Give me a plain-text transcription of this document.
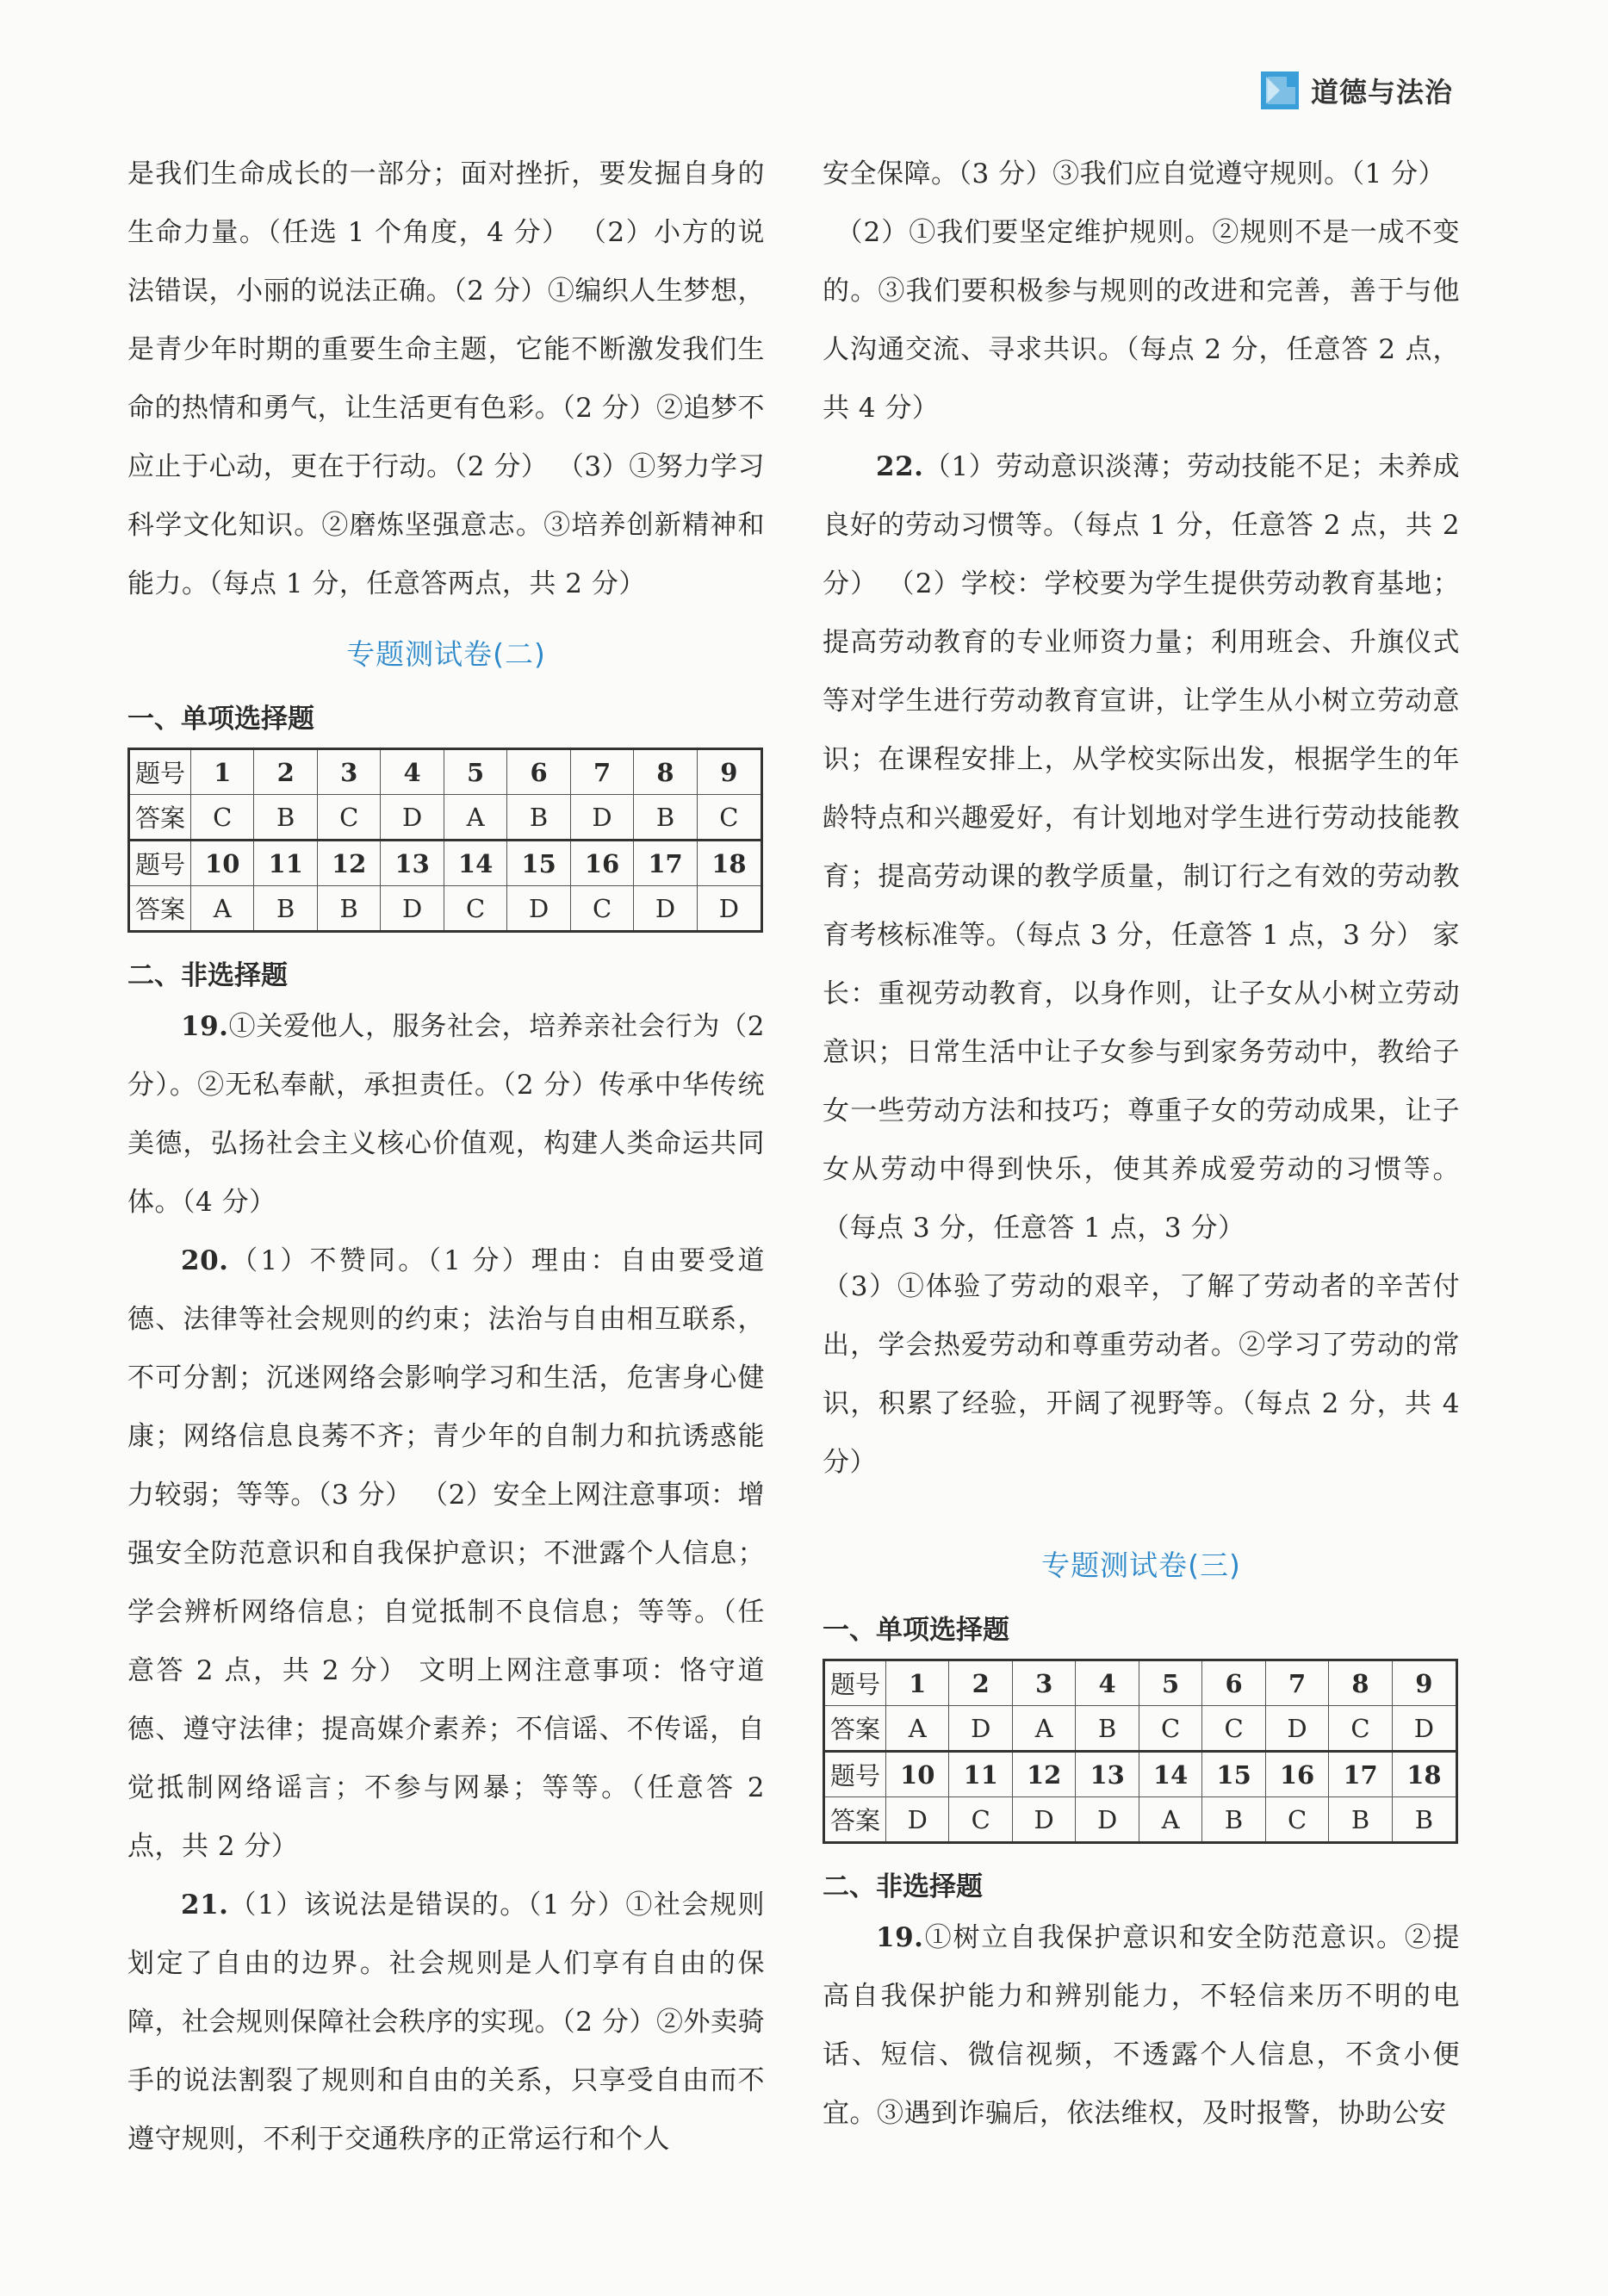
道德与法治

是我们生命成长的一部分；面对挫折，要发掘自身的生命力量。（任选 1 个角度，4 分） （2）小方的说法错误，小丽的说法正确。（2 分）①编织人生梦想，是青少年时期的重要生命主题，它能不断激发我们生命的热情和勇气，让生活更有色彩。（2 分）②追梦不应止于心动，更在于行动。（2 分） （3）①努力学习科学文化知识。②磨炼坚强意志。③培养创新精神和能力。（每点 1 分，任意答两点，共 2 分）

专题测试卷(二)

一、单项选择题

题号	1	2	3	4	5	6	7	8	9
答案	C	B	C	D	A	B	D	B	C
题号	10	11	12	13	14	15	16	17	18
答案	A	B	B	D	C	D	C	D	D

二、非选择题

19.①关爱他人，服务社会，培养亲社会行为（2 分）。②无私奉献，承担责任。（2 分）传承中华传统美德，弘扬社会主义核心价值观，构建人类命运共同体。（4 分）

20.（1）不赞同。（1 分）理由：自由要受道德、法律等社会规则的约束；法治与自由相互联系，不可分割；沉迷网络会影响学习和生活，危害身心健康；网络信息良莠不齐；青少年的自制力和抗诱惑能力较弱；等等。（3 分） （2）安全上网注意事项：增强安全防范意识和自我保护意识；不泄露个人信息；学会辨析网络信息；自觉抵制不良信息；等等。（任意答 2 点，共 2 分） 文明上网注意事项：恪守道德、遵守法律；提高媒介素养；不信谣、不传谣，自觉抵制网络谣言；不参与网暴；等等。（任意答 2 点，共 2 分）

21.（1）该说法是错误的。（1 分）①社会规则划定了自由的边界。社会规则是人们享有自由的保障，社会规则保障社会秩序的实现。（2 分）②外卖骑手的说法割裂了规则和自由的关系，只享受自由而不遵守规则，不利于交通秩序的正常运行和个人

安全保障。（3 分）③我们应自觉遵守规则。（1 分）

（2）①我们要坚定维护规则。②规则不是一成不变的。③我们要积极参与规则的改进和完善，善于与他人沟通交流、寻求共识。（每点 2 分，任意答 2 点，共 4 分）

22.（1）劳动意识淡薄；劳动技能不足；未养成良好的劳动习惯等。（每点 1 分，任意答 2 点，共 2 分） （2）学校：学校要为学生提供劳动教育基地；提高劳动教育的专业师资力量；利用班会、升旗仪式等对学生进行劳动教育宣讲，让学生从小树立劳动意识；在课程安排上，从学校实际出发，根据学生的年龄特点和兴趣爱好，有计划地对学生进行劳动技能教育；提高劳动课的教学质量，制订行之有效的劳动教育考核标准等。（每点 3 分，任意答 1 点，3 分） 家长：重视劳动教育，以身作则，让子女从小树立劳动意识；日常生活中让子女参与到家务劳动中，教给子女一些劳动方法和技巧；尊重子女的劳动成果，让子女从劳动中得到快乐，使其养成爱劳动的习惯等。（每点 3 分，任意答 1 点，3 分）

（3）①体验了劳动的艰辛，了解了劳动者的辛苦付出，学会热爱劳动和尊重劳动者。②学习了劳动的常识，积累了经验，开阔了视野等。（每点 2 分，共 4 分）

专题测试卷(三)

一、单项选择题

题号	1	2	3	4	5	6	7	8	9
答案	A	D	A	B	C	C	D	C	D
题号	10	11	12	13	14	15	16	17	18
答案	D	C	D	D	A	B	C	B	B

二、非选择题

19.①树立自我保护意识和安全防范意识。②提高自我保护能力和辨别能力，不轻信来历不明的电话、短信、微信视频，不透露个人信息，不贪小便宜。③遇到诈骗后，依法维权，及时报警，协助公安
